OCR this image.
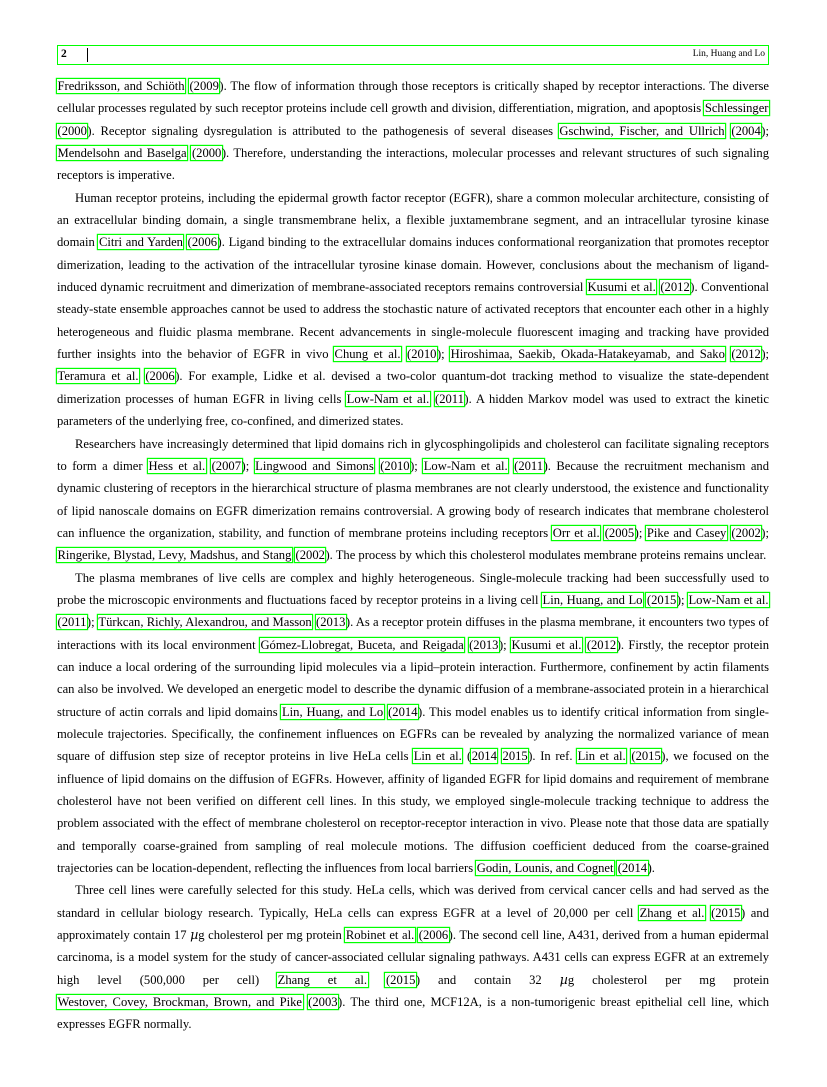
2	Lin, Huang and Lo

Fredriksson, and Schiöth (2009). The flow of information through those receptors is critically shaped by receptor interactions. The diverse cellular processes regulated by such receptor proteins include cell growth and division, differentiation, migration, and apoptosis Schlessinger (2000). Receptor signaling dysregulation is attributed to the pathogenesis of several diseases Gschwind, Fischer, and Ullrich (2004); Mendelsohn and Baselga (2000). Therefore, understanding the interactions, molecular processes and relevant structures of such signaling receptors is imperative.

Human receptor proteins, including the epidermal growth factor receptor (EGFR), share a common molecular architecture, consisting of an extracellular binding domain, a single transmembrane helix, a flexible juxtamembrane segment, and an intracellular tyrosine kinase domain Citri and Yarden (2006). Ligand binding to the extracellular domains induces conformational reorganization that promotes receptor dimerization, leading to the activation of the intracellular tyrosine kinase domain. However, conclusions about the mechanism of ligand-induced dynamic recruitment and dimerization of membrane-associated receptors remains controversial Kusumi et al. (2012). Conventional steady-state ensemble approaches cannot be used to address the stochastic nature of activated receptors that encounter each other in a highly heterogeneous and fluidic plasma membrane. Recent advancements in single-molecule fluorescent imaging and tracking have provided further insights into the behavior of EGFR in vivo Chung et al. (2010); Hiroshimaa, Saekib, Okada-Hatakeyamab, and Sako (2012); Teramura et al. (2006). For example, Lidke et al. devised a two-color quantum-dot tracking method to visualize the state-dependent dimerization processes of human EGFR in living cells Low-Nam et al. (2011). A hidden Markov model was used to extract the kinetic parameters of the underlying free, co-confined, and dimerized states.

Researchers have increasingly determined that lipid domains rich in glycosphingolipids and cholesterol can facilitate signaling receptors to form a dimer Hess et al. (2007); Lingwood and Simons (2010); Low-Nam et al. (2011). Because the recruitment mechanism and dynamic clustering of receptors in the hierarchical structure of plasma membranes are not clearly understood, the existence and functionality of lipid nanoscale domains on EGFR dimerization remains controversial. A growing body of research indicates that membrane cholesterol can influence the organization, stability, and function of membrane proteins including receptors Orr et al. (2005); Pike and Casey (2002); Ringerike, Blystad, Levy, Madshus, and Stang (2002). The process by which this cholesterol modulates membrane proteins remains unclear.

The plasma membranes of live cells are complex and highly heterogeneous. Single-molecule tracking had been successfully used to probe the microscopic environments and fluctuations faced by receptor proteins in a living cell Lin, Huang, and Lo (2015); Low-Nam et al. (2011); Türkcan, Richly, Alexandrou, and Masson (2013). As a receptor protein diffuses in the plasma membrane, it encounters two types of interactions with its local environment Gómez-Llobregat, Buceta, and Reigada (2013); Kusumi et al. (2012). Firstly, the receptor protein can induce a local ordering of the surrounding lipid molecules via a lipid–protein interaction. Furthermore, confinement by actin filaments can also be involved. We developed an energetic model to describe the dynamic diffusion of a membrane-associated protein in a hierarchical structure of actin corrals and lipid domains Lin, Huang, and Lo (2014). This model enables us to identify critical information from single-molecule trajectories. Specifically, the confinement influences on EGFRs can be revealed by analyzing the normalized variance of mean square of diffusion step size of receptor proteins in live HeLa cells Lin et al. (2014 2015). In ref. Lin et al. (2015), we focused on the influence of lipid domains on the diffusion of EGFRs. However, affinity of liganded EGFR for lipid domains and requirement of membrane cholesterol have not been verified on different cell lines. In this study, we employed single-molecule tracking technique to address the problem associated with the effect of membrane cholesterol on receptor-receptor interaction in vivo. Please note that those data are spatially and temporally coarse-grained from sampling of real molecule motions. The diffusion coefficient deduced from the coarse-grained trajectories can be location-dependent, reflecting the influences from local barriers Godin, Lounis, and Cognet (2014).

Three cell lines were carefully selected for this study. HeLa cells, which was derived from cervical cancer cells and had served as the standard in cellular biology research. Typically, HeLa cells can express EGFR at a level of 20,000 per cell Zhang et al. (2015) and approximately contain 17 µg cholesterol per mg protein Robinet et al. (2006). The second cell line, A431, derived from a human epidermal carcinoma, is a model system for the study of cancer-associated cellular signaling pathways. A431 cells can express EGFR at an extremely high level (500,000 per cell) Zhang et al. (2015) and contain 32 µg cholesterol per mg protein Westover, Covey, Brockman, Brown, and Pike (2003). The third one, MCF12A, is a non-tumorigenic breast epithelial cell line, which expresses EGFR normally.
